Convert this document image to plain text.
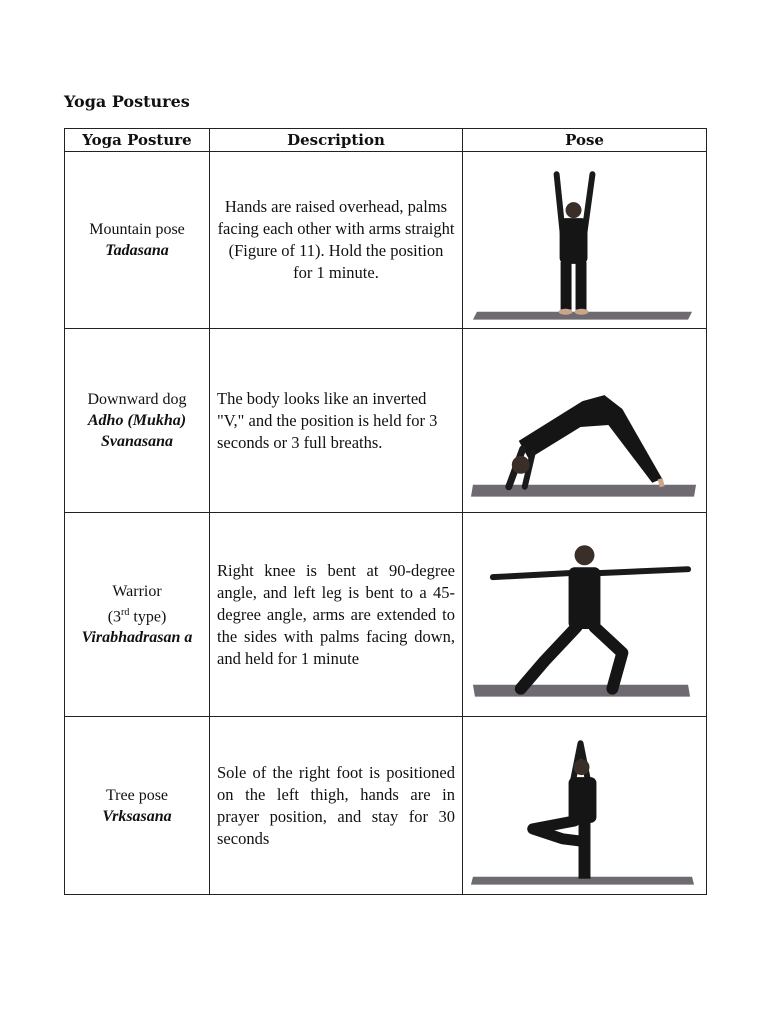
Yoga Postures
Yoga Posture	Description	Pose

Mountain pose
Tadasana	Hands are raised overhead, palms facing each other with arms straight (Figure of 11). Hold the position for 1 minute.

Downward dog
Adho (Mukha) Svanasana	The body looks like an inverted "V," and the position is held for 3 seconds or 3 full breaths.

Warrior
(3rd type)
Virabhadrasan a	Right knee is bent at 90-degree angle, and left leg is bent to a 45-degree angle, arms are extended to the sides with palms facing down, and held for 1 minute

Tree pose
Vrksasana	Sole of the right foot is positioned on the left thigh, hands are in prayer position, and stay for 30 seconds
